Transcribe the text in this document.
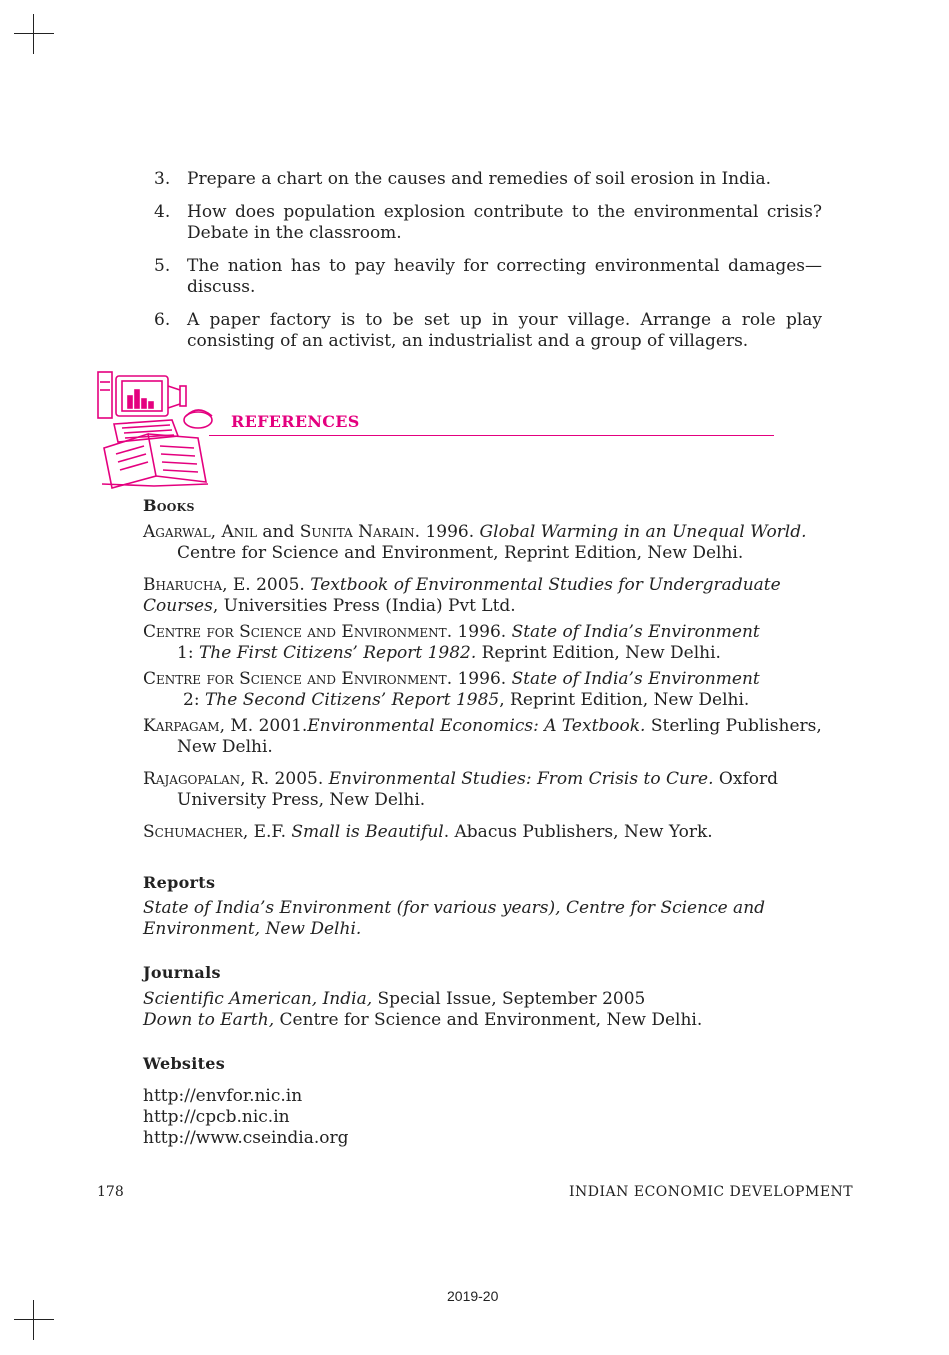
3. Prepare a chart on the causes and remedies of soil erosion in India.
4. How does population explosion contribute to the environmental crisis? Debate in the classroom.
5. The nation has to pay heavily for correcting environmental damages— discuss.
6. A paper factory is to be set up in your village. Arrange a role play consisting of an activist, an industrialist and a group of villagers.
REFERENCES
Books
Agarwal, Anil and Sunita Narain. 1996. Global Warming in an Unequal World.
Centre for Science and Environment, Reprint Edition, New Delhi.
Bharucha, E. 2005. Textbook of Environmental Studies for Undergraduate Courses, Universities Press (India) Pvt Ltd.
Centre for Science and Environment. 1996. State of India’s Environment
1: The First Citizens’ Report 1982. Reprint Edition, New Delhi.
Centre for Science and Environment. 1996. State of India’s Environment
2: The Second Citizens’ Report 1985, Reprint Edition, New Delhi.
Karpagam, M. 2001.Environmental Economics: A Textbook. Sterling Publishers,
New Delhi.
Rajagopalan, R. 2005. Environmental Studies: From Crisis to Cure. Oxford
University Press, New Delhi.
Schumacher, E.F. Small is Beautiful. Abacus Publishers, New York.
Reports
State of India’s Environment (for various years), Centre for Science and Environment, New Delhi.
Journals
Scientific American, India, Special Issue, September 2005
Down to Earth, Centre for Science and Environment, New Delhi.
Websites
http://envfor.nic.in
http://cpcb.nic.in
http://www.cseindia.org
178	INDIAN ECONOMIC DEVELOPMENT
2019-20
